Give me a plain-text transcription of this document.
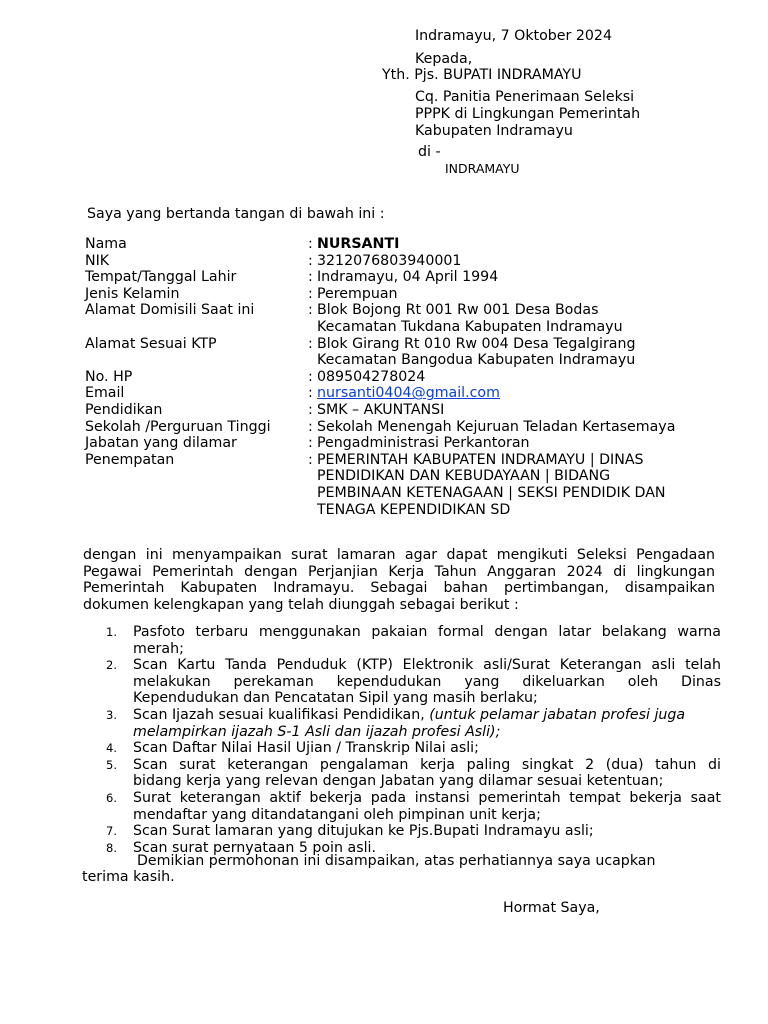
Indramayu, 7 Oktober 2024
Kepada,
Yth. Pjs. BUPATI INDRAMAYU
Cq. Panitia Penerimaan Seleksi
PPPK di Lingkungan Pemerintah
Kabupaten Indramayu
di -
INDRAMAYU
Saya yang bertanda tangan di bawah ini :
Nama	: NURSANTI
NIK	: 3212076803940001
Tempat/Tanggal Lahir	: Indramayu, 04 April 1994
Jenis Kelamin	: Perempuan
Alamat Domisili Saat ini	: Blok Bojong Rt 001 Rw 001 Desa Bodas
Kecamatan Tukdana Kabupaten Indramayu
Alamat Sesuai KTP	: Blok Girang Rt 010 Rw 004 Desa Tegalgirang
Kecamatan Bangodua Kabupaten Indramayu
No. HP	: 089504278024
Email	: nursanti0404@gmail.com
Pendidikan	: SMK – AKUNTANSI
Sekolah /Perguruan Tinggi	: Sekolah Menengah Kejuruan Teladan Kertasemaya
Jabatan yang dilamar	: Pengadministrasi Perkantoran
Penempatan	: PEMERINTAH KABUPATEN INDRAMAYU | DINAS
PENDIDIKAN DAN KEBUDAYAAN | BIDANG
PEMBINAAN KETENAGAAN | SEKSI PENDIDIK DAN
TENAGA KEPENDIDIKAN SD
dengan ini menyampaikan surat lamaran agar dapat mengikuti Seleksi Pengadaan
Pegawai Pemerintah dengan Perjanjian Kerja Tahun Anggaran 2024 di lingkungan
Pemerintah Kabupaten Indramayu. Sebagai bahan pertimbangan, disampaikan
dokumen kelengkapan yang telah diunggah sebagai berikut :
1.	Pasfoto terbaru menggunakan pakaian formal dengan latar belakang warna
merah;
2.	Scan Kartu Tanda Penduduk (KTP) Elektronik asli/Surat Keterangan asli telah
melakukan perekaman kependudukan yang dikeluarkan oleh Dinas
Kependudukan dan Pencatatan Sipil yang masih berlaku;
3.	Scan Ijazah sesuai kualifikasi Pendidikan, (untuk pelamar jabatan profesi juga
melampirkan ijazah S-1 Asli dan ijazah profesi Asli);
4.	Scan Daftar Nilai Hasil Ujian / Transkrip Nilai asli;
5.	Scan surat keterangan pengalaman kerja paling singkat 2 (dua) tahun di
bidang kerja yang relevan dengan Jabatan yang dilamar sesuai ketentuan;
6.	Surat keterangan aktif bekerja pada instansi pemerintah tempat bekerja saat
mendaftar yang ditandatangani oleh pimpinan unit kerja;
7.	Scan Surat lamaran yang ditujukan ke Pjs.Bupati Indramayu asli;
8.	Scan surat pernyataan 5 poin asli.
Demikian permohonan ini disampaikan, atas perhatiannya saya ucapkan
terima kasih.
Hormat Saya,
